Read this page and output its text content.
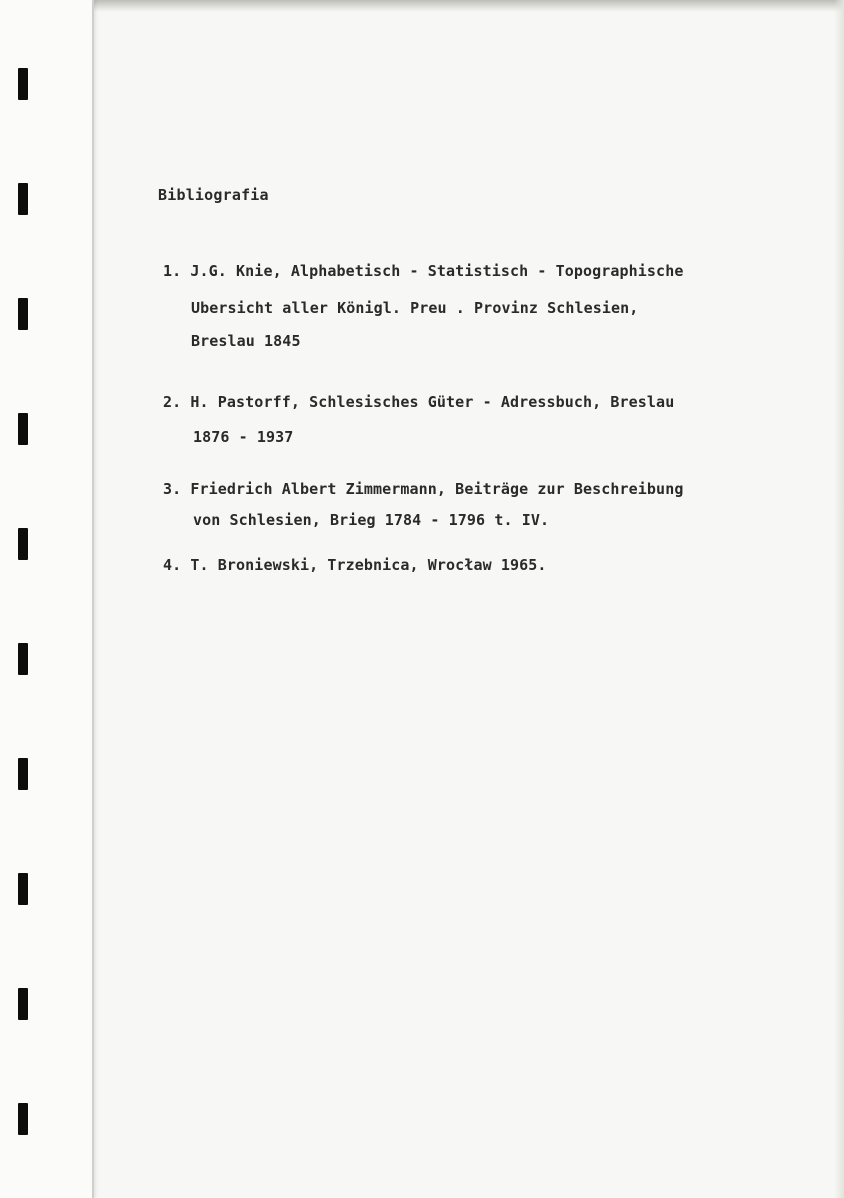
Bibliografia
1. J.G. Knie, Alphabetisch - Statistisch - Topographische
Ubersicht aller Königl. Preu . Provinz Schlesien,
Breslau 1845
2. H. Pastorff, Schlesisches Güter - Adressbuch, Breslau
1876 - 1937
3. Friedrich Albert Zimmermann, Beiträge zur Beschreibung
von Schlesien, Brieg 1784 - 1796 t. IV.
4. T. Broniewski, Trzebnica, Wrocław 1965.
